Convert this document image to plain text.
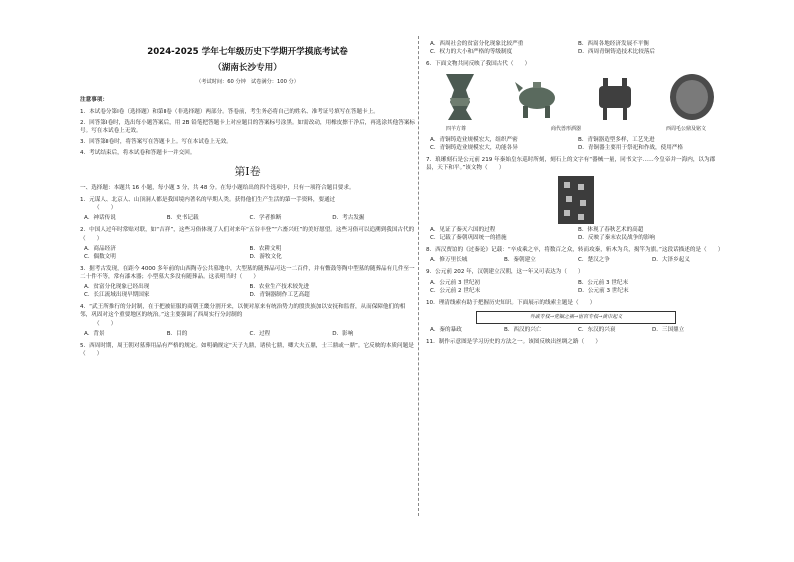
2024-2025 学年七年级历史下学期开学摸底考试卷
（湖南长沙专用）
（考试时间：60 分钟　试卷满分：100 分）
注意事项：

1．本试卷分第Ⅰ卷（选择题）和第Ⅱ卷（非选择题）两部分。答卷前，考生务必将自己的姓名、准考证号填写在答题卡上。

2．回答第Ⅰ卷时，选出每小题答案后，用 2B 铅笔把答题卡上对应题目的答案标号涂黑。如需改动，用橡皮擦干净后，再选涂其他答案标号。写在本试卷上无效。

3．回答第Ⅱ卷时，将答案写在答题卡上。写在本试卷上无效。

4．考试结束后，将本试卷和答题卡一并交回。

第Ⅰ卷
一、选择题：本题共 16 小题，每小题 3 分，共 48 分。在每小题给出的四个选项中，只有一项符合题目要求。
1．元谋人、北京人、山顶洞人都是我国境内著名的早期人类。获得他们生产生活的第一手资料，要通过
（　　）
A．神话传说	B．史书记载	C．学者推断	D．考古发掘
2．中国人过年时常贴对联，如“吉祥”，这些习俗体现了人们对来年“五谷丰登”“六畜兴旺”的美好愿望。这些习俗可以追溯到我国古代的（　　）
A．商品经济	B．农耕文明
C．偶数文明	D．游牧文化
3．据考古发现，在距今 4000 多年前的山西陶寺公共墓地中，大型墓的随葬品可达一二百件，并有鳖鼓等陶中型墓的随葬品有几件至一二十件不等，常有漆木器；小型墓大多没有随葬品。这表明当时（　　）
A．贫富分化现象已经出现	B．农业生产技术较先进
C．长江流域出现早期国家	D．青铜器制作工艺高超
4．“武王所推行的分封制，在于把被征服的商朝王畿分割开来，以便对原来有统治势力的殷贵族加以安抚和监督，从而保障他们的相邻，巩固对这个重要地区的统治。”这主要强调了西周实行分封制的
（　　）
A．背景	B．目的	C．过程	D．影响
5．西周时期，周王朝对墓葬用品有严格的规定。如明确规定“天子九鼎，诸侯七鼎，卿大夫五鼎，士三鼎或一鼎”。它反映的本质问题是（　　）
A．西周社会的贫富分化现象比较严重	B．西周各地经济发展不平衡
C．权力的大小和严格的等级制度	D．西周青铜铸造技术比较落后
6．下面文物共同反映了我国古代（　　）
四羊方尊	商代兽形酒器	西周毛公鼎及铭文
A．青铜铸造业规模宏大，组织严密	B．青铜器造型多样，工艺先进
C．青铜铸造业规模宏大，功能各异	D．青铜器主要用于祭祀和作战，使用严格
7．琅琊刻石是公元前 219 年秦始皇东巡时所刻，刻石上的文字有“器械一量，同书文字……今皇帝并一海内，以为郡县，天下和平。”该文物（　　）
A．见证了秦灭六国的过程	B．体现了春秋艺术的高超
C．记载了秦朝巩固统一的措施	D．反映了秦末农民战争的影响
8．西汉贾谊的《过秦论》记载：“卒戍乘之卒，将数百之众，转而攻秦，斩木为兵，揭竿为旗。”这段话描述的是（　　）
A．修万里长城	B．秦朝建立	C．楚汉之争	D．大泽乡起义
9．公元前 202 年，汉朝建立汉朝，这一年又可表达为（　　）
A．公元前 3 世纪初	B．公元前 3 世纪末
C．公元前 2 世纪末	D．公元前 3 世纪末
10．理清线索有助于把握历史知识。下面展示的线索主题是（　　）
外戚专权→党锢之祸→宦官专权→黄巾起义
A．秦的暴政	B．西汉的兴亡	C．东汉的兴衰	D．三国鼎立
11．制作示意图是学习历史的方法之一。该图反映出丝绸之路（　　）
